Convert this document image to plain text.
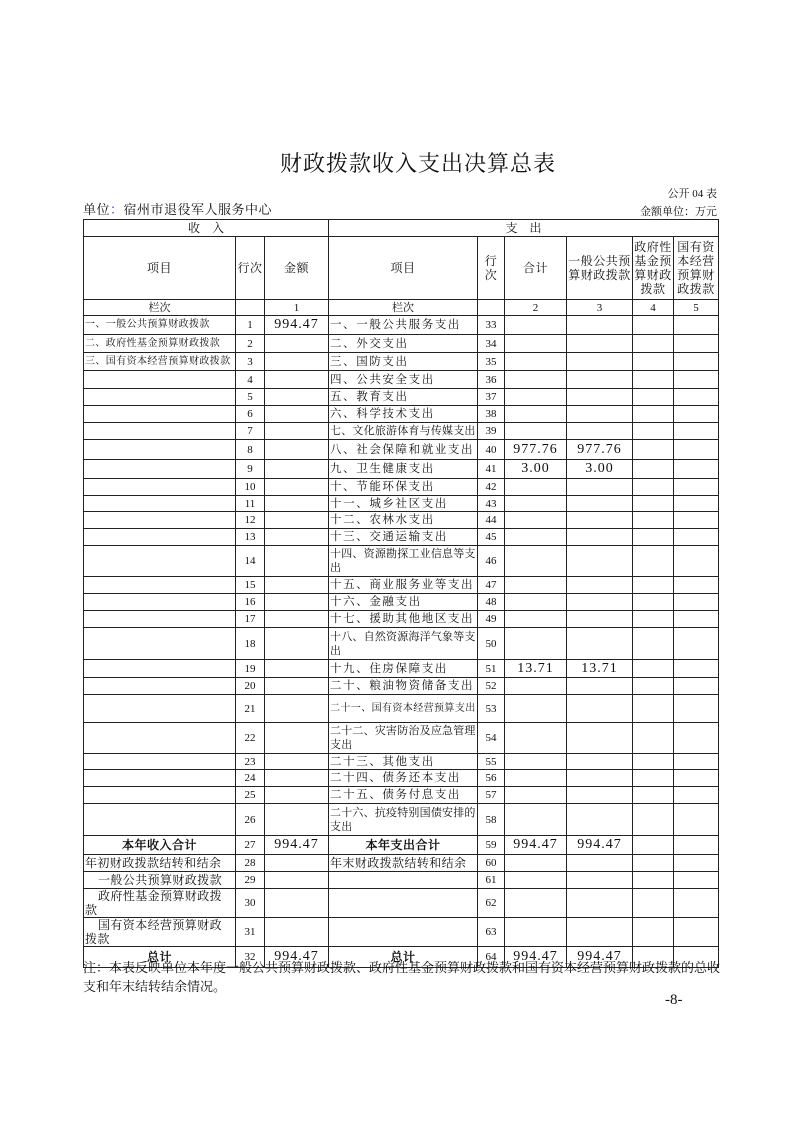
财政拨款收入支出决算总表
公开 04 表
单位：宿州市退役军人服务中心	金额单位：万元
收    入			支    出					
项目	行次	金额	项目	行次	合计	一般公共预算财政拨款	政府性基金预算财政拨款	国有资本经营预算财政拨款
栏次		1	栏次		2	3	4	5
一、一般公共预算财政拨款	1	994.47	一、一般公共服务支出	33				
二、政府性基金预算财政拨款	2		二、外交支出	34				
三、国有资本经营预算财政拨款	3		三、国防支出	35				
	4		四、公共安全支出	36				
	5		五、教育支出	37				
	6		六、科学技术支出	38				
	7		七、文化旅游体育与传媒支出	39				
	8		八、社会保障和就业支出	40	977.76	977.76		
	9		九、卫生健康支出	41	3.00	3.00		
	10		十、节能环保支出	42				
	11		十一、城乡社区支出	43				
	12		十二、农林水支出	44				
	13		十三、交通运输支出	45				
	14		十四、资源勘探工业信息等支出	46				
	15		十五、商业服务业等支出	47				
	16		十六、金融支出	48				
	17		十七、援助其他地区支出	49				
	18		十八、自然资源海洋气象等支出	50				
	19		十九、住房保障支出	51	13.71	13.71		
	20		二十、粮油物资储备支出	52				
	21		二十一、国有资本经营预算支出	53				
	22		二十二、灾害防治及应急管理支出	54				
	23		二十三、其他支出	55				
	24		二十四、债务还本支出	56				
	25		二十五、债务付息支出	57				
	26		二十六、抗疫特别国债安排的支出	58				
本年收入合计	27	994.47	本年支出合计	59	994.47	994.47		
年初财政拨款结转和结余	28		年末财政拨款结转和结余	60				
一般公共预算财政拨款	29			61				
政府性基金预算财政拨款	30			62				
国有资本经营预算财政拨款	31			63				
总计	32	994.47	总计	64	994.47	994.47		
注：本表反映单位本年度一般公共预算财政拨款、政府性基金预算财政拨款和国有资本经营预算财政拨款的总收支和年末结转结余情况。
-8-
